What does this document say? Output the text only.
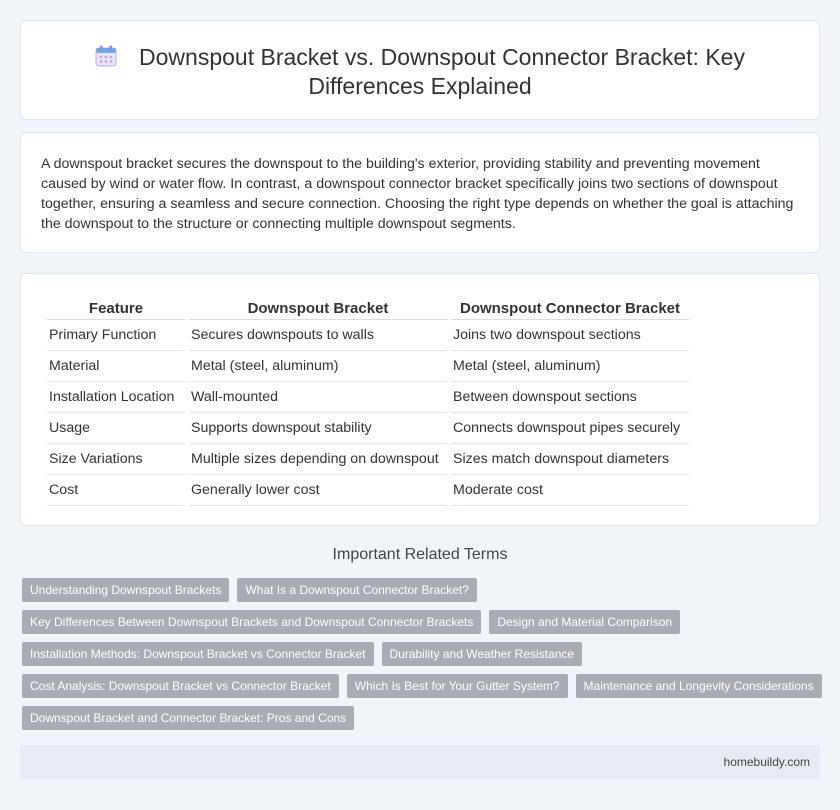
Downspout Bracket vs. Downspout Connector Bracket: Key Differences Explained

A downspout bracket secures the downspout to the building's exterior, providing stability and preventing movement caused by wind or water flow. In contrast, a downspout connector bracket specifically joins two sections of downspout together, ensuring a seamless and secure connection. Choosing the right type depends on whether the goal is attaching the downspout to the structure or connecting multiple downspout segments.

Feature	Downspout Bracket	Downspout Connector Bracket
Primary Function	Secures downspouts to walls	Joins two downspout sections
Material	Metal (steel, aluminum)	Metal (steel, aluminum)
Installation Location	Wall-mounted	Between downspout sections
Usage	Supports downspout stability	Connects downspout pipes securely
Size Variations	Multiple sizes depending on downspout	Sizes match downspout diameters
Cost	Generally lower cost	Moderate cost
Important Related Terms
Understanding Downspout Brackets	What Is a Downspout Connector Bracket?
Key Differences Between Downspout Brackets and Downspout Connector Brackets	Design and Material Comparison
Installation Methods: Downspout Bracket vs Connector Bracket	Durability and Weather Resistance
Cost Analysis: Downspout Bracket vs Connector Bracket	Which Is Best for Your Gutter System?	Maintenance and Longevity Considerations
Downspout Bracket and Connector Bracket: Pros and Cons
homebuildy.com
